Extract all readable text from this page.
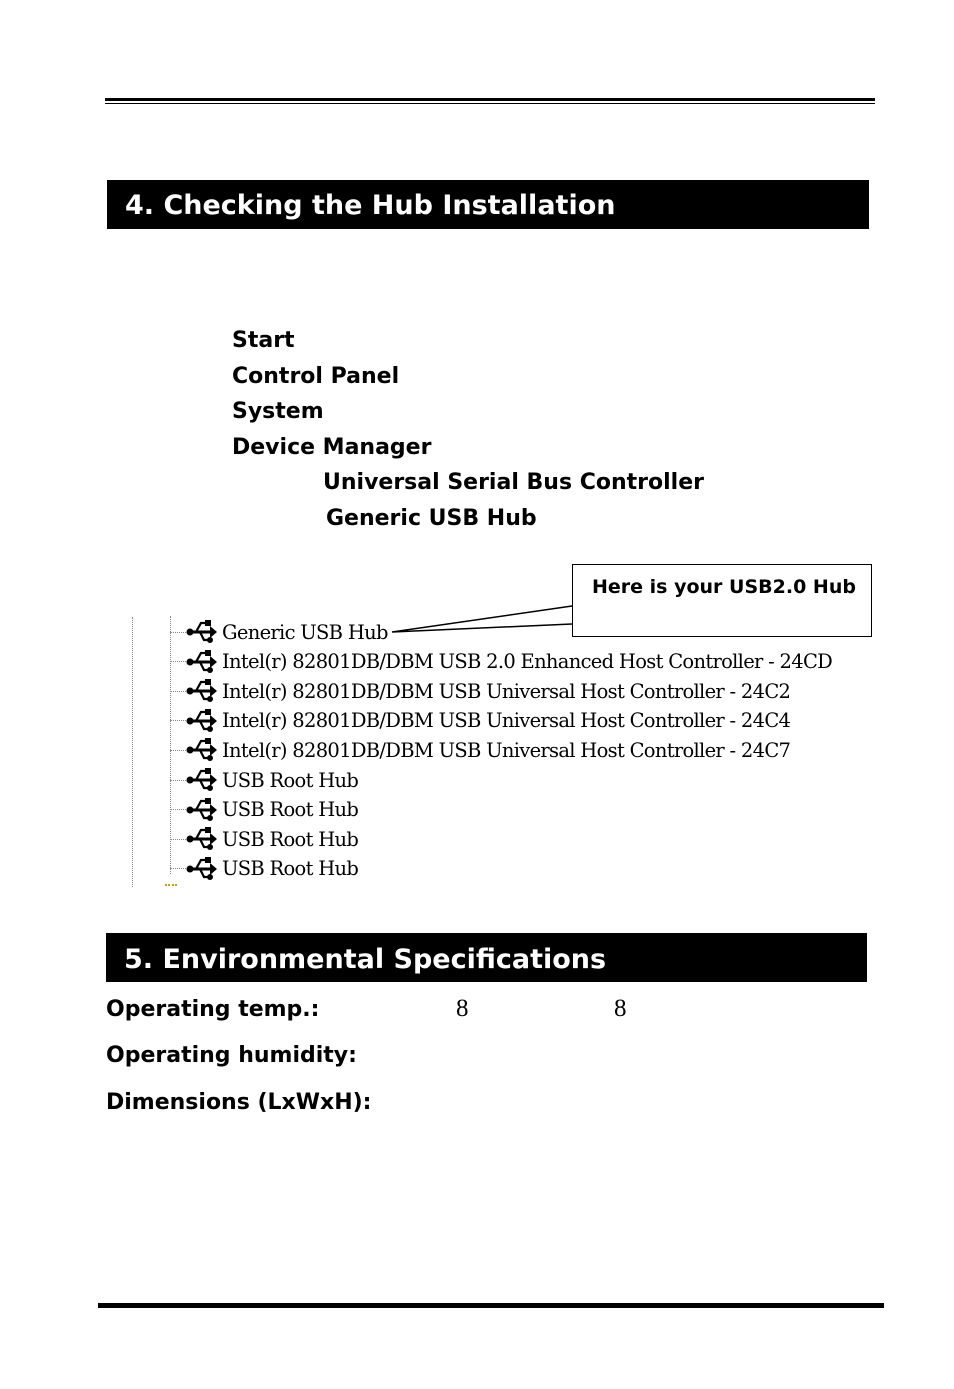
4. Checking the Hub Installation
Start
Control Panel
System
Device Manager
Universal Serial Bus Controller
Generic USB Hub
Generic USB Hub
Intel(r) 82801DB/DBM USB 2.0 Enhanced Host Controller - 24CD
Intel(r) 82801DB/DBM USB Universal Host Controller - 24C2
Intel(r) 82801DB/DBM USB Universal Host Controller - 24C4
Intel(r) 82801DB/DBM USB Universal Host Controller - 24C7
USB Root Hub
USB Root Hub
USB Root Hub
USB Root Hub
Here is your USB2.0 Hub
5. Environmental Specifications
Operating temp.:	8	8
Operating humidity:
Dimensions (LxWxH):
